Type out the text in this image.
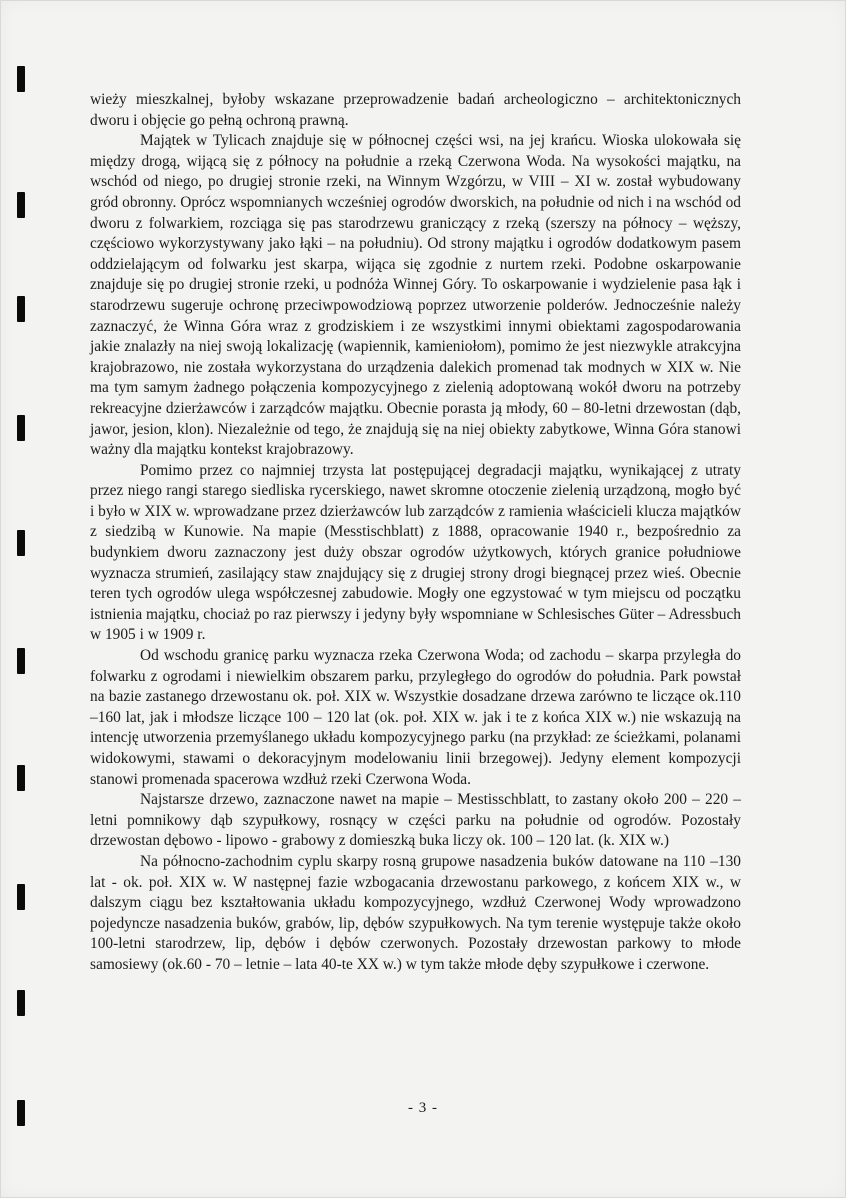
wieży mieszkalnej, byłoby wskazane przeprowadzenie badań archeologiczno – architektonicznych dworu i objęcie go pełną ochroną prawną.

Majątek w Tylicach znajduje się w północnej części wsi, na jej krańcu. Wioska ulokowała się między drogą, wijącą się z północy na południe a rzeką Czerwona Woda. Na wysokości majątku, na wschód od niego, po drugiej stronie rzeki, na Winnym Wzgórzu, w VIII – XI w. został wybudowany gród obronny. Oprócz wspomnianych wcześniej ogrodów dworskich, na południe od nich i na wschód od dworu z folwarkiem, rozciąga się pas starodrzewu graniczący z rzeką (szerszy na północy – węższy, częściowo wykorzystywany jako łąki – na południu). Od strony majątku i ogrodów dodatkowym pasem oddzielającym od folwarku jest skarpa, wijąca się zgodnie z nurtem rzeki. Podobne oskarpowanie znajduje się po drugiej stronie rzeki, u podnóża Winnej Góry. To oskarpowanie i wydzielenie pasa łąk i starodrzewu sugeruje ochronę przeciwpowodziową poprzez utworzenie polderów. Jednocześnie należy zaznaczyć, że Winna Góra wraz z grodziskiem i ze wszystkimi innymi obiektami zagospodarowania jakie znalazły na niej swoją lokalizację (wapiennik, kamieniołom), pomimo że jest niezwykle atrakcyjna krajobrazowo, nie została wykorzystana do urządzenia dalekich promenad tak modnych w XIX w. Nie ma tym samym żadnego połączenia kompozycyjnego z zielenią adoptowaną wokół dworu na potrzeby rekreacyjne dzierżawców i zarządców majątku. Obecnie porasta ją młody, 60 – 80-letni drzewostan (dąb, jawor, jesion, klon). Niezależnie od tego, że znajdują się na niej obiekty zabytkowe, Winna Góra stanowi ważny dla majątku kontekst krajobrazowy.

Pomimo przez co najmniej trzysta lat postępującej degradacji majątku, wynikającej z utraty przez niego rangi starego siedliska rycerskiego, nawet skromne otoczenie zielenią urządzoną, mogło być i było w XIX w. wprowadzane przez dzierżawców lub zarządców z ramienia właścicieli klucza majątków z siedzibą w Kunowie. Na mapie (Messtischblatt) z 1888, opracowanie 1940 r., bezpośrednio za budynkiem dworu zaznaczony jest duży obszar ogrodów użytkowych, których granice południowe wyznacza strumień, zasilający staw znajdujący się z drugiej strony drogi biegnącej przez wieś. Obecnie teren tych ogrodów ulega współczesnej zabudowie. Mogły one egzystować w tym miejscu od początku istnienia majątku, chociaż po raz pierwszy i jedyny były wspomniane w Schlesisches Güter – Adressbuch w 1905 i w 1909 r.

Od wschodu granicę parku wyznacza rzeka Czerwona Woda; od zachodu – skarpa przyległa do folwarku z ogrodami i niewielkim obszarem parku, przyległego do ogrodów do południa. Park powstał na bazie zastanego drzewostanu ok. poł. XIX w. Wszystkie dosadzane drzewa zarówno te liczące ok.110 –160 lat, jak i młodsze liczące 100 – 120 lat (ok. poł. XIX w. jak i te z końca XIX w.) nie wskazują na intencję utworzenia przemyślanego układu kompozycyjnego parku (na przykład: ze ścieżkami, polanami widokowymi, stawami o dekoracyjnym modelowaniu linii brzegowej). Jedyny element kompozycji stanowi promenada spacerowa wzdłuż rzeki Czerwona Woda.

Najstarsze drzewo, zaznaczone nawet na mapie – Mestisschblatt, to zastany około 200 – 220 – letni pomnikowy dąb szypułkowy, rosnący w części parku na południe od ogrodów. Pozostały drzewostan dębowo - lipowo - grabowy z domieszką buka liczy ok. 100 – 120 lat. (k. XIX w.)

Na północno-zachodnim cyplu skarpy rosną grupowe nasadzenia buków datowane na 110 –130 lat - ok. poł. XIX w. W następnej fazie wzbogacania drzewostanu parkowego, z końcem XIX w., w dalszym ciągu bez kształtowania układu kompozycyjnego, wzdłuż Czerwonej Wody wprowadzono pojedyncze nasadzenia buków, grabów, lip, dębów szypułkowych. Na tym terenie występuje także około 100-letni starodrzew, lip, dębów i dębów czerwonych. Pozostały drzewostan parkowy to młode samosiewy (ok.60 - 70 – letnie – lata 40-te XX w.) w tym także młode dęby szypułkowe i czerwone.

- 3 -
